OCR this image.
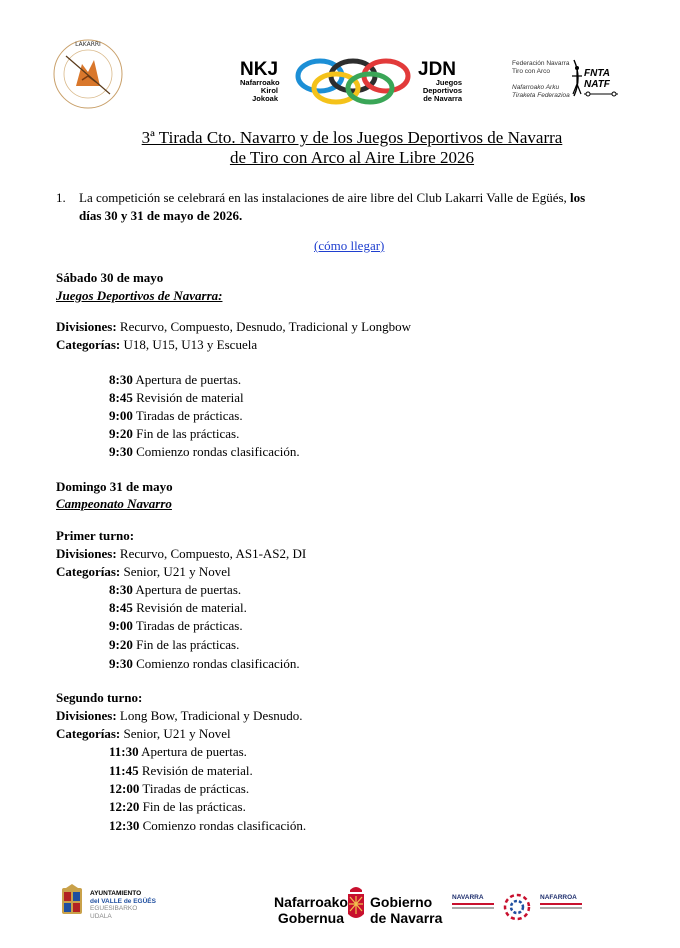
LAKARRI
NKJ
Nafarroako
Kirol
Jokoak
JDN
Juegos
Deportivos
de Navarra
Federación Navarra
Tiro con Arco
Nafarroako Arku
Tiraketa Federazioa
FNTA
NATF
3ª Tirada Cto. Navarro y de los Juegos Deportivos de Navarra
de Tiro con Arco al Aire Libre 2026
1. La competición se celebrará en las instalaciones de aire libre del Club Lakarri Valle de Egüés, los
días 30 y 31 de mayo de 2026.
(cómo llegar)
Sábado 30 de mayo
Juegos Deportivos de Navarra:
Divisiones: Recurvo, Compuesto, Desnudo, Tradicional y Longbow
Categorías: U18, U15, U13 y Escuela
8:30 Apertura de puertas.
8:45 Revisión de material
9:00 Tiradas de prácticas.
9:20 Fin de las prácticas.
9:30 Comienzo rondas clasificación.
Domingo 31 de mayo
Campeonato Navarro
Primer turno:
Divisiones: Recurvo, Compuesto, AS1-AS2, DI
Categorías: Senior, U21 y Novel
8:30 Apertura de puertas.
8:45 Revisión de material.
9:00 Tiradas de prácticas.
9:20 Fin de las prácticas.
9:30 Comienzo rondas clasificación.
Segundo turno:
Divisiones: Long Bow, Tradicional y Desnudo.
Categorías: Senior, U21 y Novel
11:30 Apertura de puertas.
11:45 Revisión de material.
12:00 Tiradas de prácticas.
12:20 Fin de las prácticas.
12:30 Comienzo rondas clasificación.
AYUNTAMIENTO
del VALLE de EGÜÉS
EGUESIBARKO
UDALA
Nafarroako
Gobernua
Gobierno
de Navarra
NAVARRA	NAFARROA
